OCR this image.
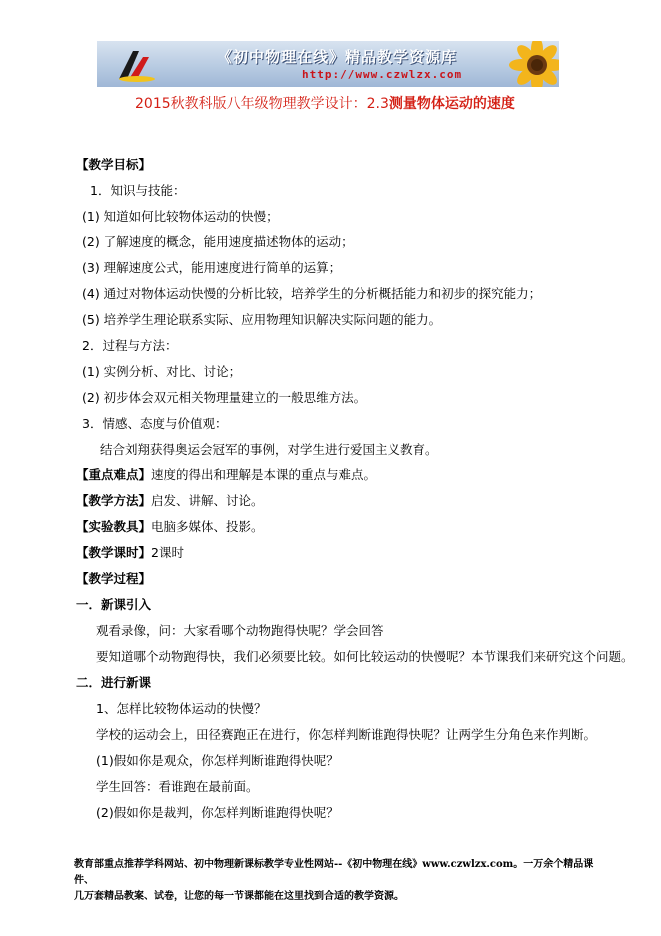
《初中物理在线》精品教学资源库
http://www.czwlzx.com
2015秋教科版八年级物理教学设计：2.3测量物体运动的速度
【教学目标】
1．知识与技能：
(1) 知道如何比较物体运动的快慢；
(2) 了解速度的概念，能用速度描述物体的运动；
(3) 理解速度公式，能用速度进行简单的运算；
(4) 通过对物体运动快慢的分析比较，培养学生的分析概括能力和初步的探究能力；
(5) 培养学生理论联系实际、应用物理知识解决实际问题的能力。
2．过程与方法：
(1) 实例分析、对比、讨论；
(2) 初步体会双元相关物理量建立的一般思维方法。
3．情感、态度与价值观：
结合刘翔获得奥运会冠军的事例，对学生进行爱国主义教育。
【重点难点】速度的得出和理解是本课的重点与难点。
【教学方法】启发、讲解、讨论。
【实验教具】电脑多媒体、投影。
【教学课时】2课时
【教学过程】
一．新课引入
观看录像，问：大家看哪个动物跑得快呢？学会回答
要知道哪个动物跑得快，我们必须要比较。如何比较运动的快慢呢？本节课我们来研究这个问题。
二．进行新课
1、怎样比较物体运动的快慢？
学校的运动会上，田径赛跑正在进行，你怎样判断谁跑得快呢？让两学生分角色来作判断。
(1)假如你是观众，你怎样判断谁跑得快呢？
学生回答：看谁跑在最前面。
(2)假如你是裁判，你怎样判断谁跑得快呢？
教育部重点推荐学科网站、初中物理新课标教学专业性网站--《初中物理在线》www.czwlzx.com。一万余个精品课件、
几万套精品教案、试卷，让您的每一节课都能在这里找到合适的教学资源。
